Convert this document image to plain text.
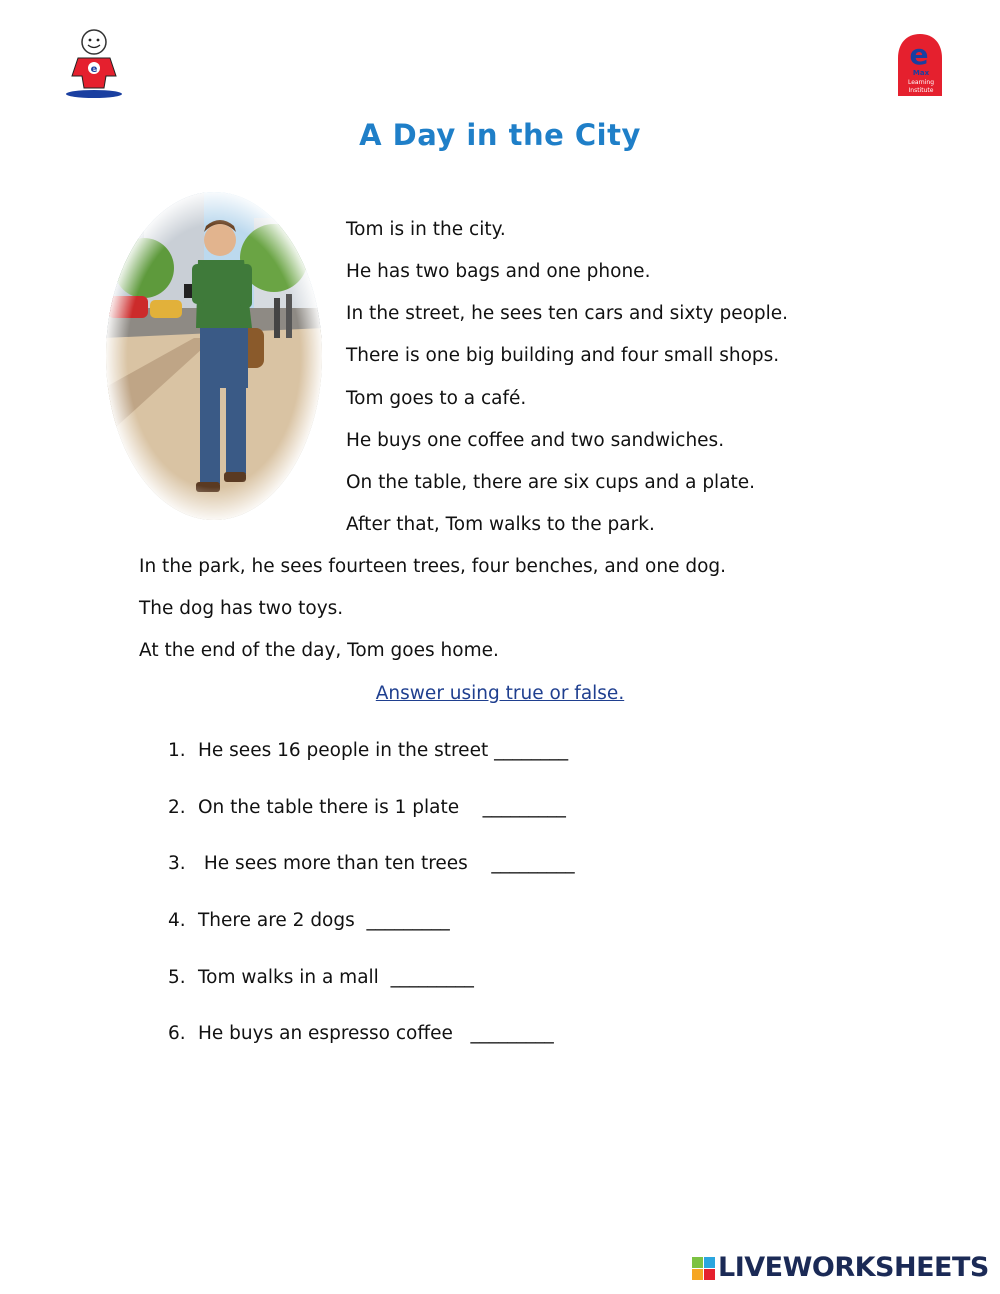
e	e
Max
Learning
Institute
A Day in the City
Tom is in the city.
He has two bags and one phone.
In the street, he sees ten cars and sixty people.
There is one big building and four small shops.
Tom goes to a café.
He buys one coffee and two sandwiches.
On the table, there are six cups and a plate.
After that, Tom walks to the park.
In the park, he sees fourteen trees, four benches, and one dog.
The dog has two toys.
At the end of the day, Tom goes home.
Answer using true or false.
1. He sees 16 people in the street ________
2. On the table there is 1 plate    _________
3. He sees more than ten trees    _________
4. There are 2 dogs  _________
5. Tom walks in a mall  _________
6. He buys an espresso coffee   _________
LIVEWORKSHEETS
